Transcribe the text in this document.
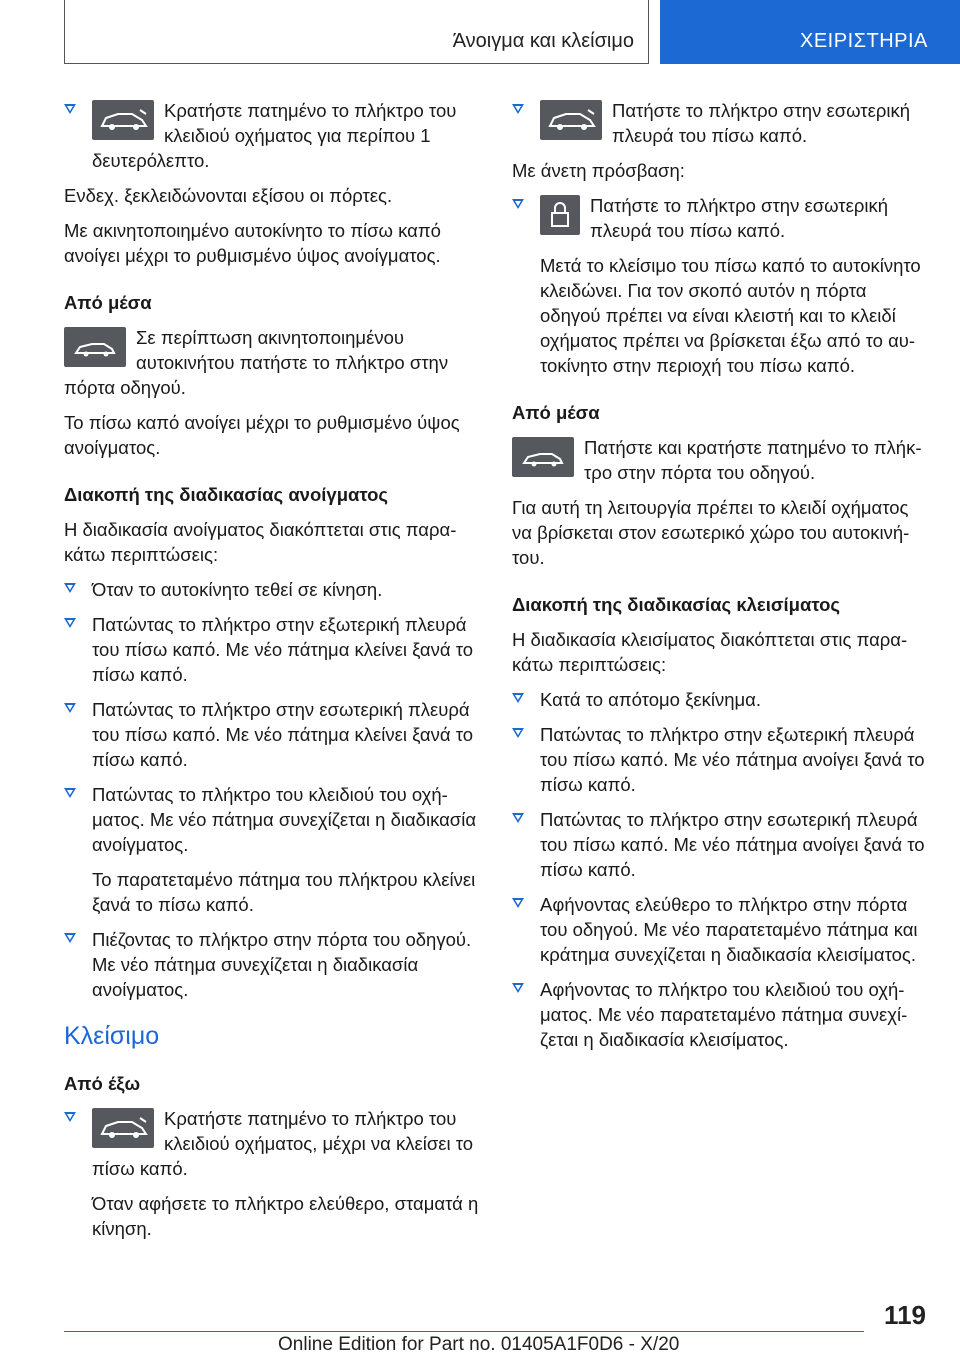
Άνοιγμα και κλείσιμο	ΧΕΙΡΙΣΤΗΡΙΑ

Κρατήστε πατημένο το πλήκτρο του κλειδιού οχήματος για περίπου 1 δευτερόλεπτο.

Ενδεχ. ξεκλειδώνονται εξίσου οι πόρτες.

Με ακινητοποιημένο αυτοκίνητο το πίσω καπό ανοίγει μέχρι το ρυθμισμένο ύψος ανοίγματος.

Από μέσα

Σε περίπτωση ακινητοποιημένου αυτοκινήτου πατήστε το πλήκτρο στην πόρτα οδηγού.

Το πίσω καπό ανοίγει μέχρι το ρυθμισμένο ύψος ανοίγματος.

Διακοπή της διαδικασίας ανοίγματος

Η διαδικασία ανοίγματος διακόπτεται στις παρακάτω περιπτώσεις:

Όταν το αυτοκίνητο τεθεί σε κίνηση.

Πατώντας το πλήκτρο στην εξωτερική πλευρά του πίσω καπό. Με νέο πάτημα κλείνει ξανά το πίσω καπό.

Πατώντας το πλήκτρο στην εσωτερική πλευρά του πίσω καπό. Με νέο πάτημα κλείνει ξανά το πίσω καπό.

Πατώντας το πλήκτρο του κλειδιού του οχήματος. Με νέο πάτημα συνεχίζεται η διαδικασία ανοίγματος.

Το παρατεταμένο πάτημα του πλήκτρου κλείνει ξανά το πίσω καπό.

Πιέζοντας το πλήκτρο στην πόρτα του οδηγού. Με νέο πάτημα συνεχίζεται η διαδικασία ανοίγματος.

Κλείσιμο

Από έξω

Κρατήστε πατημένο το πλήκτρο του κλειδιού οχήματος, μέχρι να κλείσει το πίσω καπό.

Όταν αφήσετε το πλήκτρο ελεύθερο, σταματά η κίνηση.

Πατήστε το πλήκτρο στην εσωτερική πλευρά του πίσω καπό.

Με άνετη πρόσβαση:

Πατήστε το πλήκτρο στην εσωτερική πλευρά του πίσω καπό.

Μετά το κλείσιμο του πίσω καπό το αυτοκίνητο κλειδώνει. Για τον σκοπό αυτόν η πόρτα οδηγού πρέπει να είναι κλειστή και το κλειδί οχήματος πρέπει να βρίσκεται έξω από το αυτοκίνητο στην περιοχή του πίσω καπό.

Από μέσα

Πατήστε και κρατήστε πατημένο το πλήκτρο στην πόρτα του οδηγού.

Για αυτή τη λειτουργία πρέπει το κλειδί οχήματος να βρίσκεται στον εσωτερικό χώρο του αυτοκινήτου.

Διακοπή της διαδικασίας κλεισίματος

Η διαδικασία κλεισίματος διακόπτεται στις παρακάτω περιπτώσεις:

Κατά το απότομο ξεκίνημα.

Πατώντας το πλήκτρο στην εξωτερική πλευρά του πίσω καπό. Με νέο πάτημα ανοίγει ξανά το πίσω καπό.

Πατώντας το πλήκτρο στην εσωτερική πλευρά του πίσω καπό. Με νέο πάτημα ανοίγει ξανά το πίσω καπό.

Αφήνοντας ελεύθερο το πλήκτρο στην πόρτα του οδηγού. Με νέο παρατεταμένο πάτημα και κράτημα συνεχίζεται η διαδικασία κλεισίματος.

Αφήνοντας το πλήκτρο του κλειδιού του οχήματος. Με νέο παρατεταμένο πάτημα συνεχίζεται η διαδικασία κλεισίματος.

119
Online Edition for Part no. 01405A1F0D6 - X/20
